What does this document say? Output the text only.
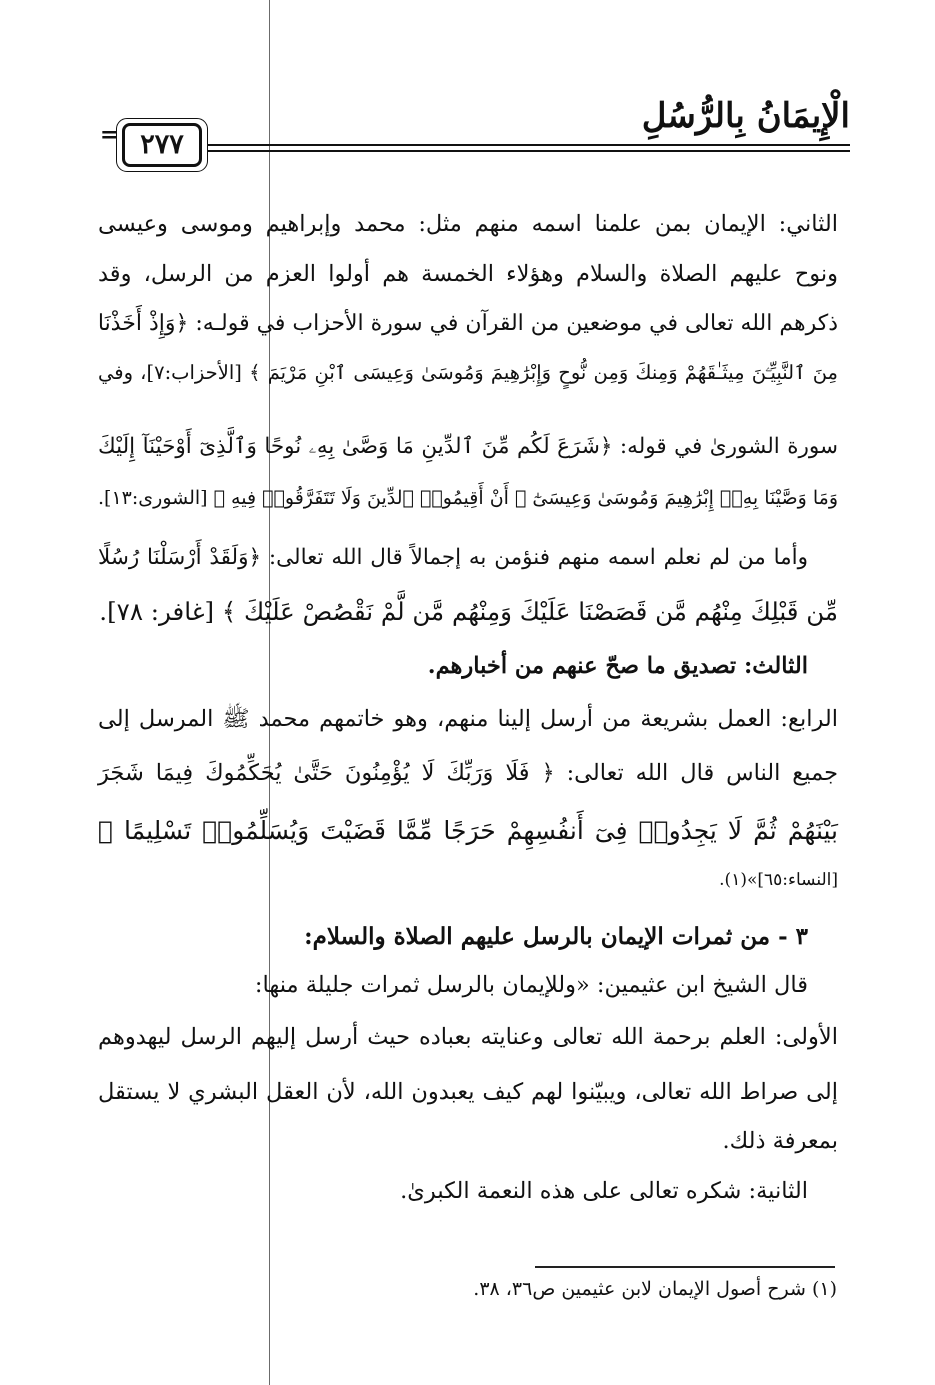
الْإِيمَانُ بِالرُّسُلِ
٢٧٧
=
الثاني: الإيمان بمن علمنا اسمه منهم مثل: محمد وإبراهيم وموسى وعيسى
ونوح عليهم الصلاة والسلام وهؤلاء الخمسة هم أولوا العزم من الرسل، وقد
ذكرهم الله تعالى في موضعين من القرآن في سورة الأحزاب في قولـه: ﴿وَإِذْ أَخَذْنَا
مِنَ ٱلنَّبِيِّـۧنَ مِيثَـٰقَهُمْ وَمِنكَ وَمِن نُّوحٍ وَإِبْرَٰهِيمَ وَمُوسَىٰ وَعِيسَى ٱبْنِ مَرْيَمَ ﴾ [الأحزاب:٧]، وفي
سورة الشورىٰ في قوله: ﴿شَرَعَ لَكُم مِّنَ ٱلدِّينِ مَا وَصَّىٰ بِهِۦ نُوحًا وَٱلَّذِىٓ أَوْحَيْنَآ إِلَيْكَ
وَمَا وَصَّيْنَا بِهِۦٓ إِبْرَٰهِيمَ وَمُوسَىٰ وَعِيسَىٰٓ ۖ أَنْ أَقِيمُوا۟ ٱلدِّينَ وَلَا تَتَفَرَّقُوا۟ فِيهِ ﴾ [الشورى:١٣].
وأما من لم نعلم اسمه منهم فنؤمن به إجمالاً قال الله تعالى: ﴿وَلَقَدْ أَرْسَلْنَا رُسُلًا
مِّن قَبْلِكَ مِنْهُم مَّن قَصَصْنَا عَلَيْكَ وَمِنْهُم مَّن لَّمْ نَقْصُصْ عَلَيْكَ ﴾ [غافر: ٧٨].
الثالث: تصديق ما صحّ عنهم من أخبارهم.
الرابع: العمل بشريعة من أرسل إلينا منهم، وهو خاتمهم محمد ﷺ المرسل إلى
جميع الناس قال الله تعالى: ﴿ فَلَا وَرَبِّكَ لَا يُؤْمِنُونَ حَتَّىٰ يُحَكِّمُوكَ فِيمَا شَجَرَ
بَيْنَهُمْ ثُمَّ لَا يَجِدُوا۟ فِىٓ أَنفُسِهِمْ حَرَجًا مِّمَّا قَضَيْتَ وَيُسَلِّمُوا۟ تَسْلِيمًا ﴾
[النساء:٦٥]»(١).
٣ - من ثمرات الإيمان بالرسل عليهم الصلاة والسلام:
قال الشيخ ابن عثيمين: «وللإيمان بالرسل ثمرات جليلة منها:
الأولى: العلم برحمة الله تعالى وعنايته بعباده حيث أرسل إليهم الرسل ليهدوهم
إلى صراط الله تعالى، ويبيّنوا لهم كيف يعبدون الله، لأن العقل البشري لا يستقل
بمعرفة ذلك.
الثانية: شكره تعالى على هذه النعمة الكبرىٰ.
(١) شرح أصول الإيمان لابن عثيمين ص٣٦، ٣٨.
